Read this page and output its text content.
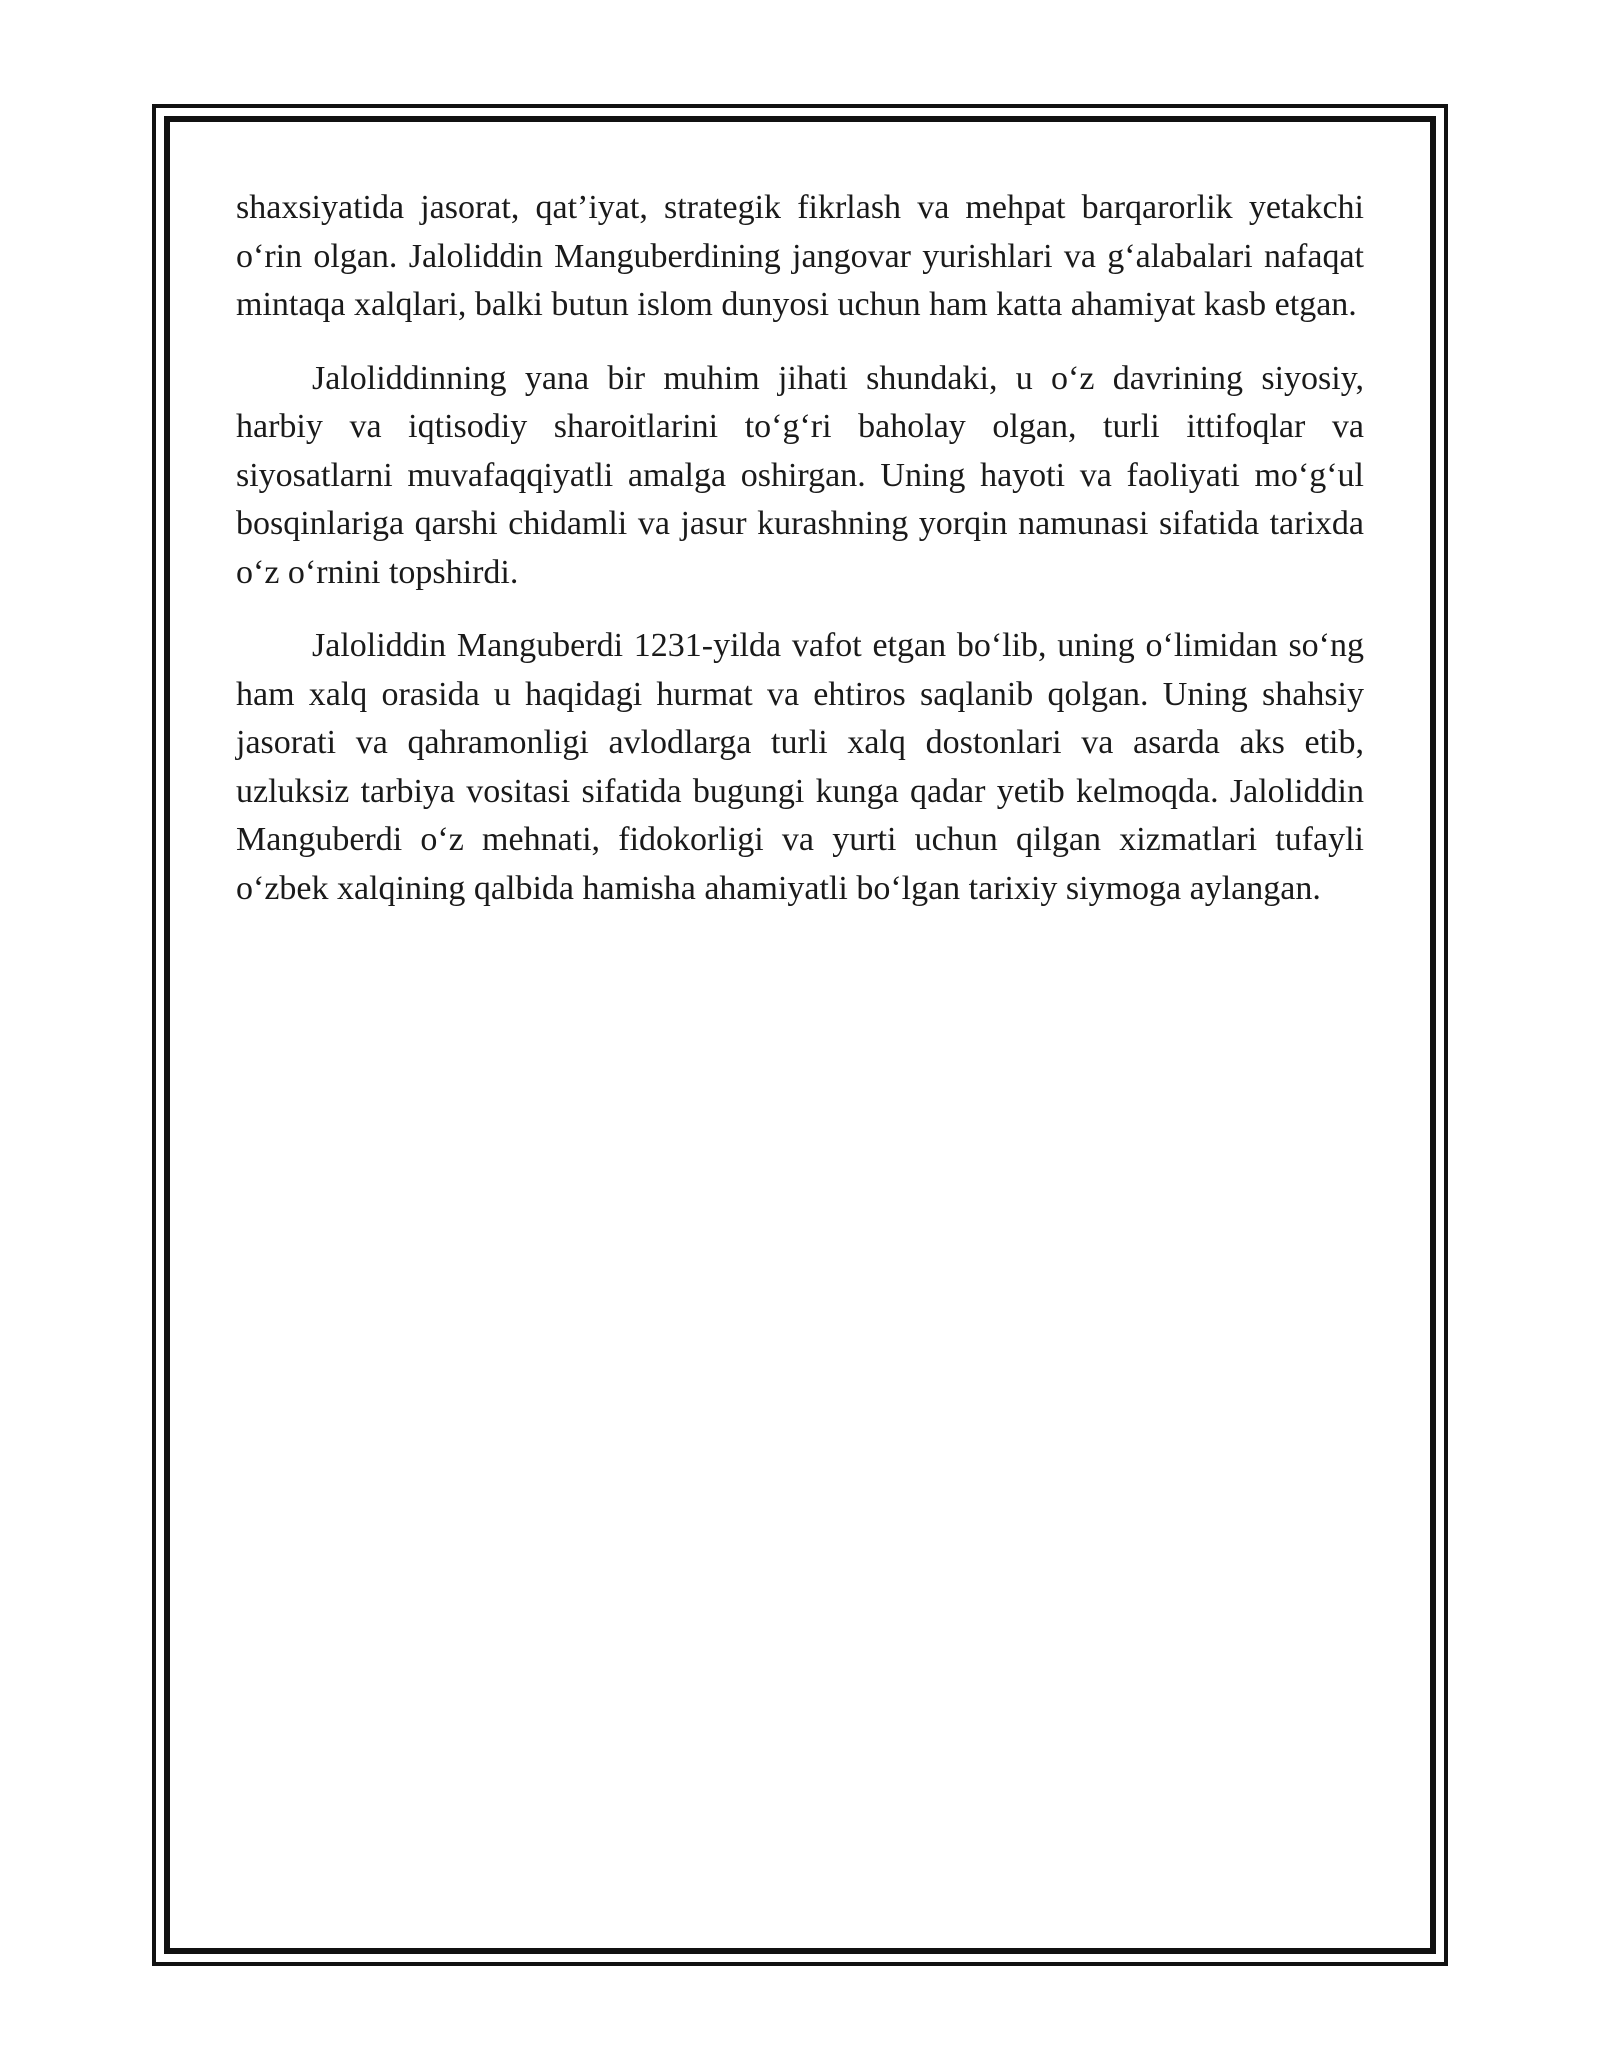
shaxsiyatida jasorat, qat’iyat, strategik fikrlash va mehpat barqarorlik yetakchi o‘rin olgan. Jaloliddin Manguberdining jangovar yurishlari va g‘alabalari nafaqat mintaqa xalqlari, balki butun islom dunyosi uchun ham katta ahamiyat kasb etgan.

Jaloliddinning yana bir muhim jihati shundaki, u o‘z davrining siyosiy, harbiy va iqtisodiy sharoitlarini to‘g‘ri baholay olgan, turli ittifoqlar va siyosatlarni muvafaqqiyatli amalga oshirgan. Uning hayoti va faoliyati mo‘g‘ul bosqinlariga qarshi chidamli va jasur kurashning yorqin namunasi sifatida tarixda o‘z o‘rnini topshirdi.

Jaloliddin Manguberdi 1231-yilda vafot etgan bo‘lib, uning o‘limidan so‘ng ham xalq orasida u haqidagi hurmat va ehtiros saqlanib qolgan. Uning shahsiy jasorati va qahramonligi avlodlarga turli xalq dostonlari va asarda aks etib, uzluksiz tarbiya vositasi sifatida bugungi kunga qadar yetib kelmoqda. Jaloliddin Manguberdi o‘z mehnati, fidokorligi va yurti uchun qilgan xizmatlari tufayli o‘zbek xalqining qalbida hamisha ahamiyatli bo‘lgan tarixiy siymoga aylangan.
